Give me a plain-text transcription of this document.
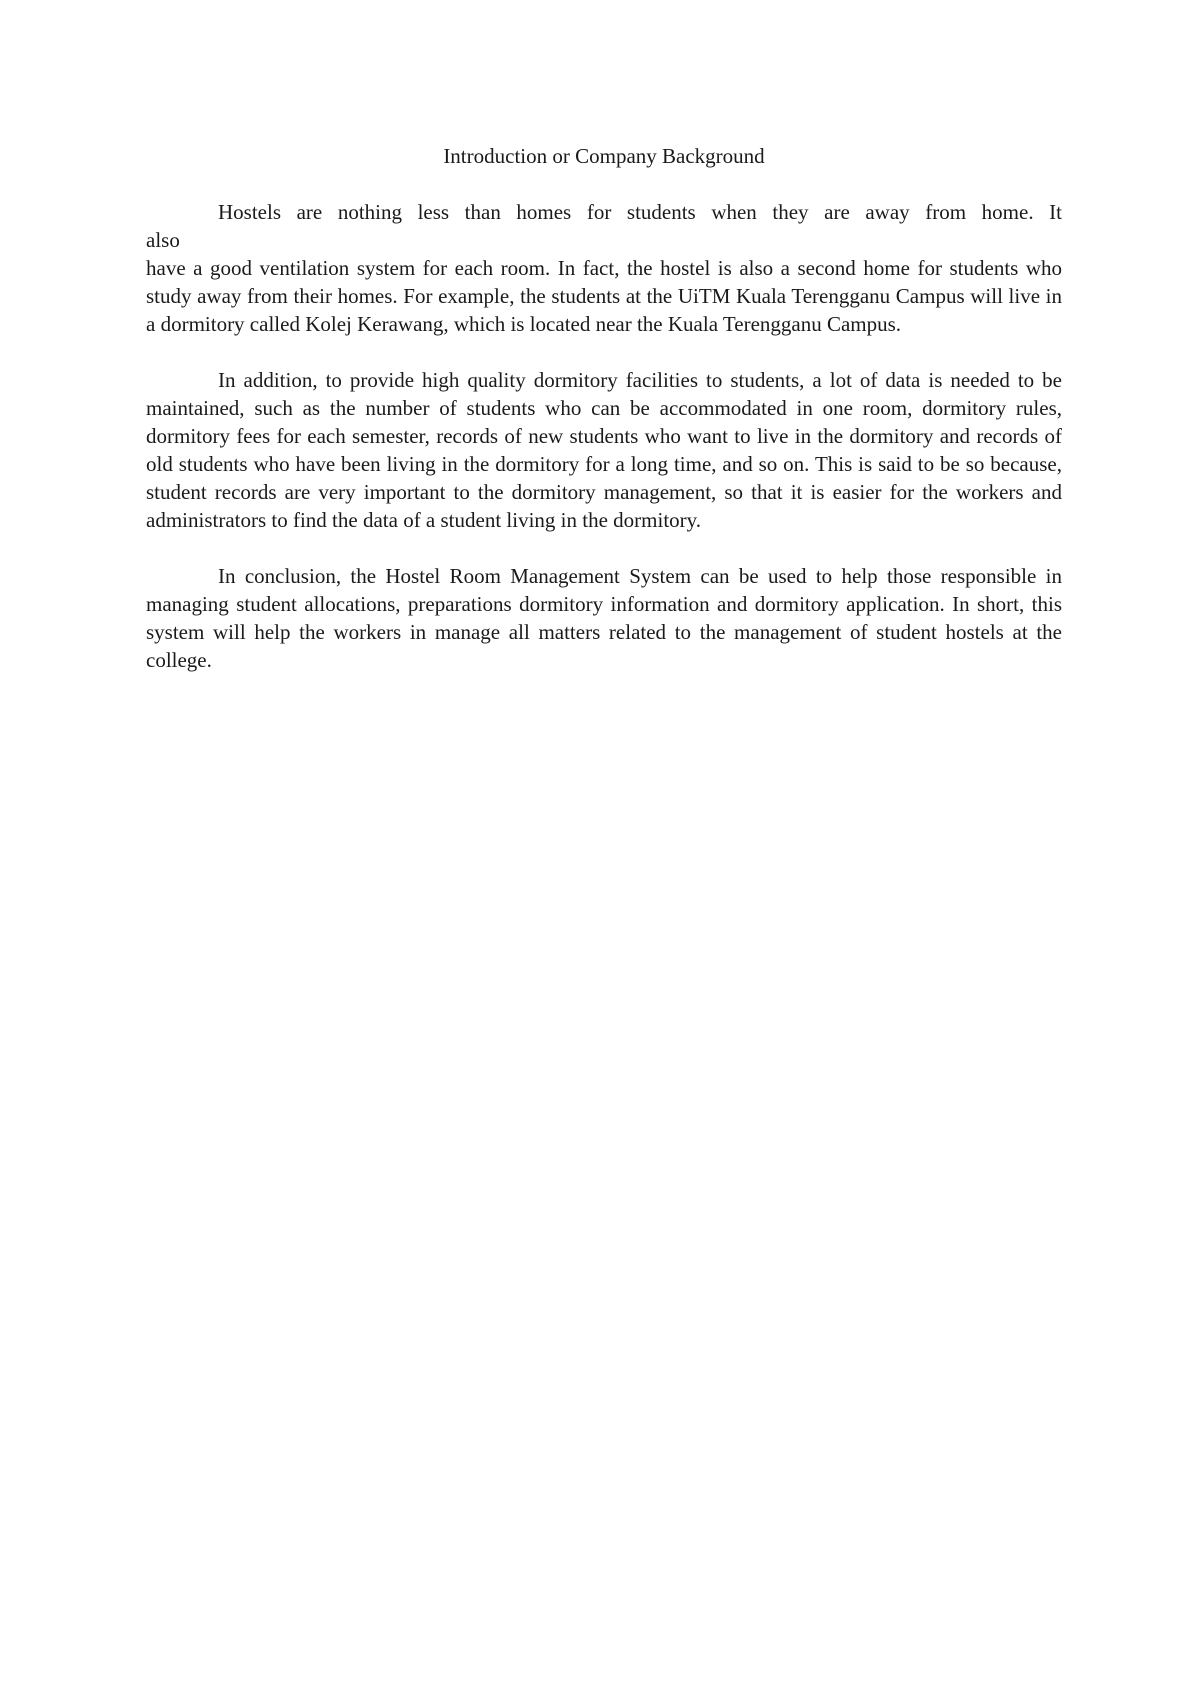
Introduction or Company Background
Hostels are nothing less than homes for students when they are away from home. It
also
have a good ventilation system for each room. In fact, the hostel is also a second home for students who study away from their homes. For example, the students at the UiTM Kuala Terengganu Campus will live in a dormitory called Kolej Kerawang, which is located near the Kuala Terengganu Campus.
In addition, to provide high quality dormitory facilities to students, a lot of data is needed to be maintained, such as the number of students who can be accommodated in one room, dormitory rules, dormitory fees for each semester, records of new students who want to live in the dormitory and records of old students who have been living in the dormitory for a long time, and so on. This is said to be so because, student records are very important to the dormitory management, so that it is easier for the workers and administrators to find the data of a student living in the dormitory.
In conclusion, the Hostel Room Management System can be used to help those responsible in managing student allocations, preparations dormitory information and dormitory application. In short, this system will help the workers in manage all matters related to the management of student hostels at the college.
